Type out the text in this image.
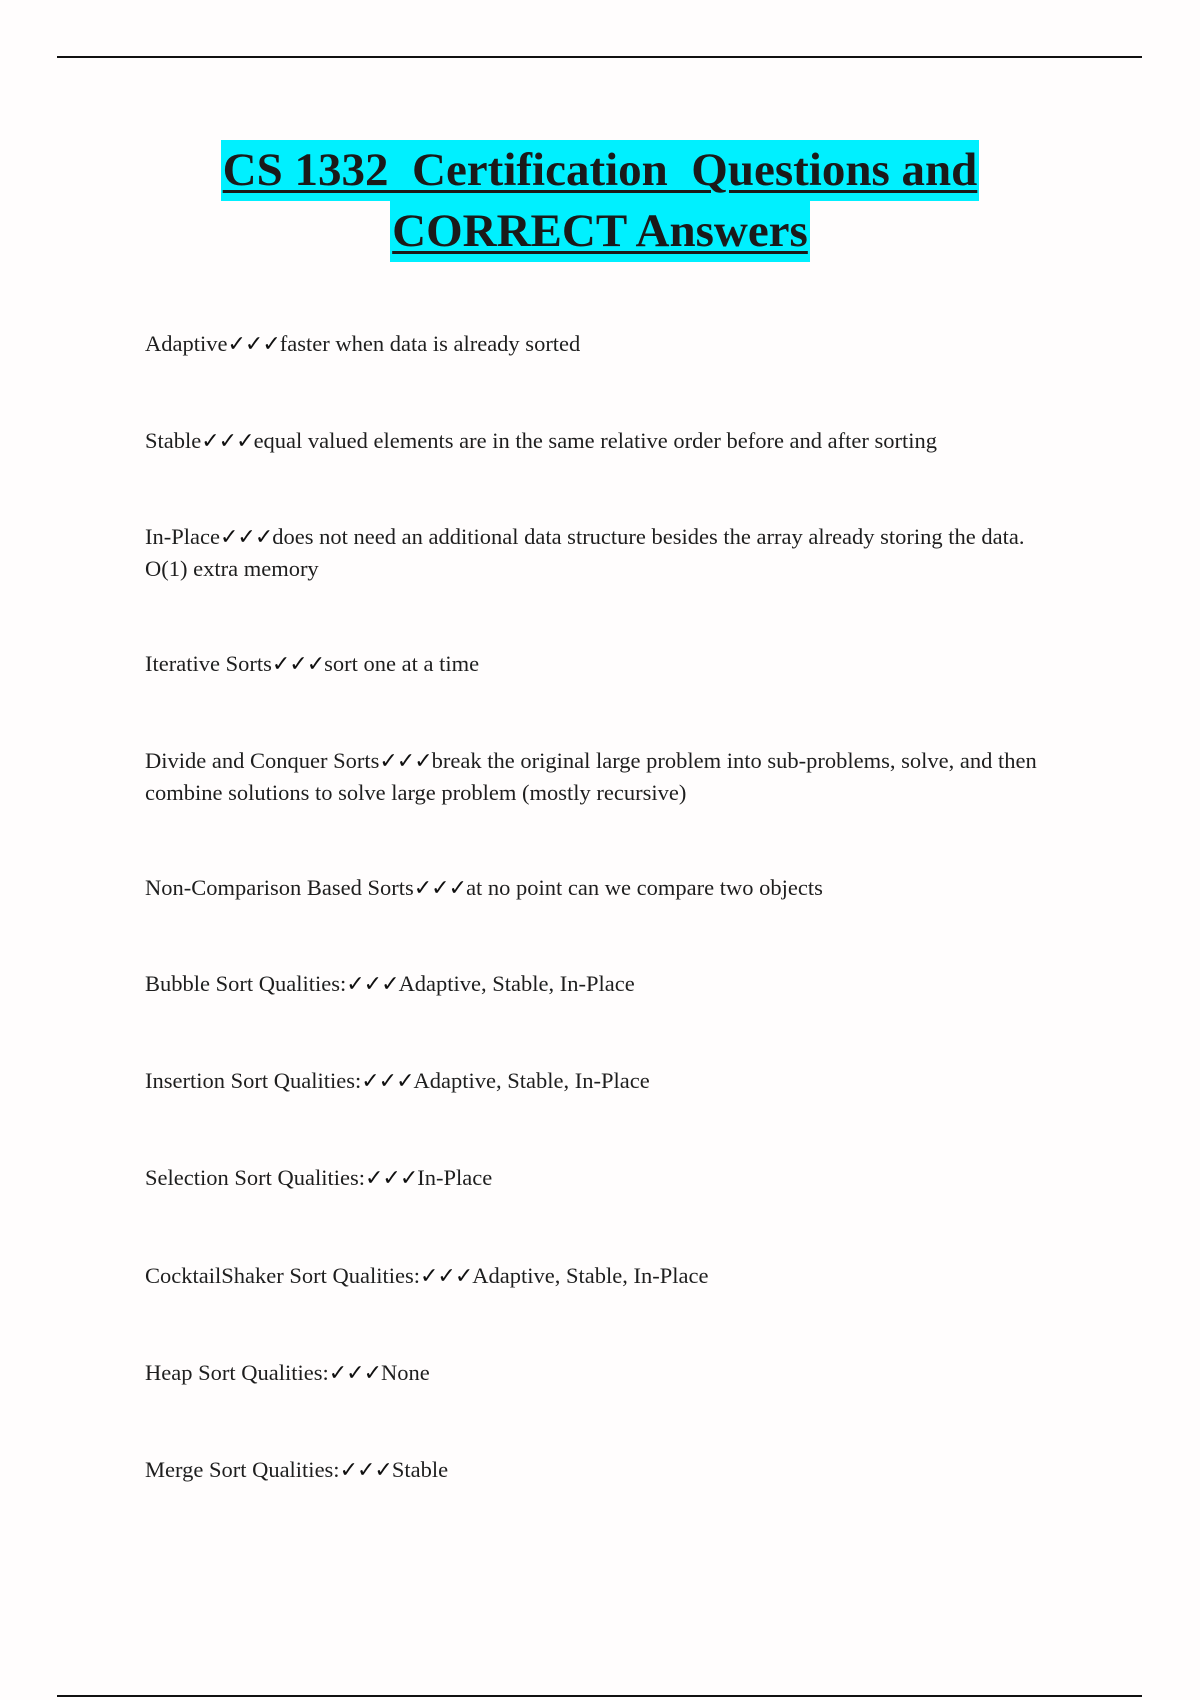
CS 1332  Certification  Questions and
CORRECT Answers
Adaptive✓✓✓faster when data is already sorted
Stable✓✓✓equal valued elements are in the same relative order before and after sorting
In-Place✓✓✓does not need an additional data structure besides the array already storing the data. O(1) extra memory
Iterative Sorts✓✓✓sort one at a time
Divide and Conquer Sorts✓✓✓break the original large problem into sub-problems, solve, and then combine solutions to solve large problem (mostly recursive)
Non-Comparison Based Sorts✓✓✓at no point can we compare two objects
Bubble Sort Qualities:✓✓✓Adaptive, Stable, In-Place
Insertion Sort Qualities:✓✓✓Adaptive, Stable, In-Place
Selection Sort Qualities:✓✓✓In-Place
CocktailShaker Sort Qualities:✓✓✓Adaptive, Stable, In-Place
Heap Sort Qualities:✓✓✓None
Merge Sort Qualities:✓✓✓Stable
